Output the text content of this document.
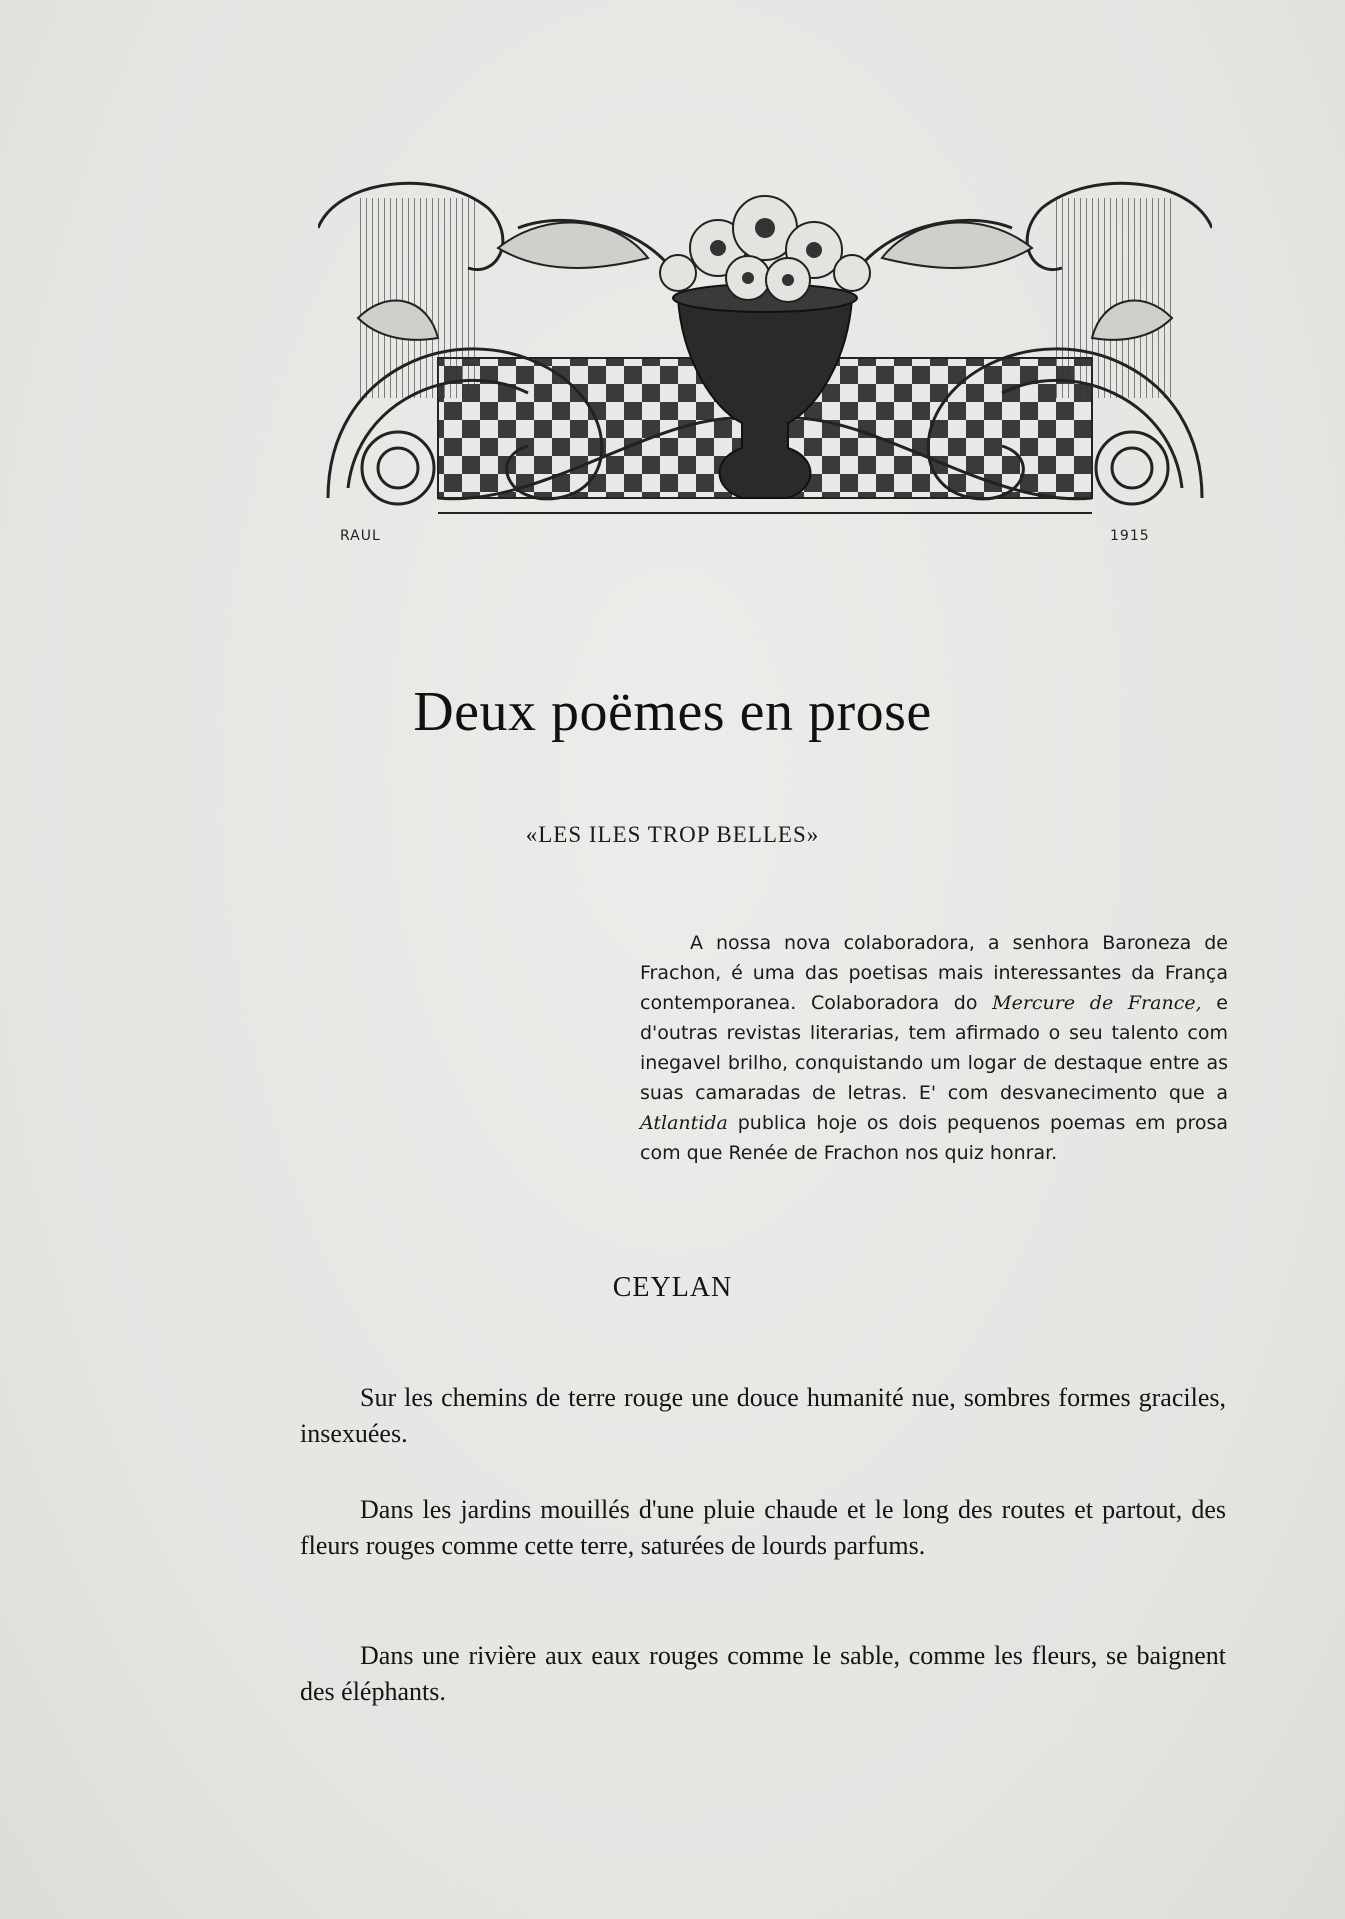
RAUL	1915
Deux poëmes en prose
«LES ILES TROP BELLES»
A nossa nova colaboradora, a senhora Baroneza de Frachon, é uma das poetisas mais interessantes da França contemporanea. Colaboradora do Mercure de France, e d'outras revistas literarias, tem afirmado o seu talento com inegavel brilho, conquistando um logar de destaque entre as suas camaradas de letras. E' com desvanecimento que a Atlantida publica hoje os dois pequenos poemas em prosa com que Renée de Frachon nos quiz honrar.
CEYLAN
Sur les chemins de terre rouge une douce humanité nue, sombres formes graciles, insexuées.
Dans les jardins mouillés d'une pluie chaude et le long des routes et partout, des fleurs rouges comme cette terre, saturées de lourds parfums.
Dans une rivière aux eaux rouges comme le sable, comme les fleurs, se baignent des éléphants.
